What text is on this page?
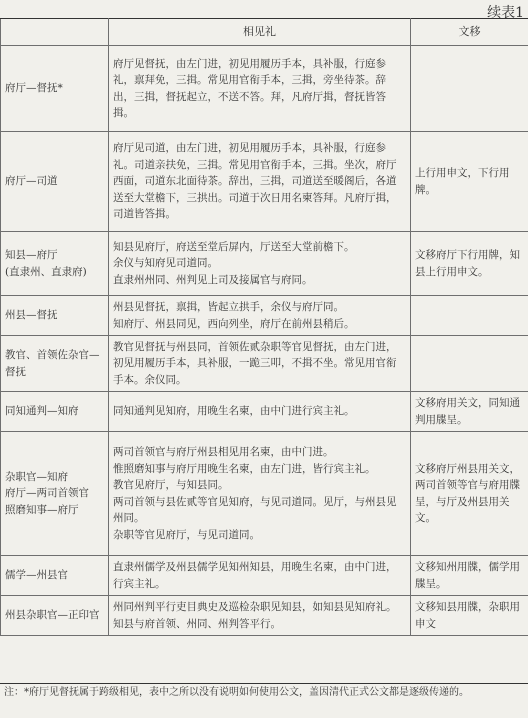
续表1
	相见礼	文移

府厅—督抚*	府厅见督抚，由左门进，初见用履历手本，具补服，行庭参礼，禀拜免，三揖。常见用官衔手本，三揖，旁坐待茶。辞出，三揖，督抚起立，不送不答。拜，凡府厅揖，督抚皆答揖。	

府厅—司道	府厅见司道，由左门进，初见用履历手本，具补服，行庭参礼。司道亲扶免，三揖。常见用官衔手本，三揖。坐次，府厅西面，司道东北面待茶。辞出，三揖，司道送至暖阁后，各道送至大堂檐下，三拱出。司道于次日用名柬答拜。凡府厅揖，司道皆答揖。	上行用申文，下行用牌。

知县—府厅
(直隶州、直隶府)	知县见府厅，府送至堂后屏内，厅送至大堂前檐下。
余仪与知府见司道同。
直隶州州同、州判见上司及接属官与府同。	文移府厅下行用牌，知县上行用申文。

州县—督抚	州县见督抚，禀揖，皆起立拱手，余仪与府厅同。
知府厅、州县同见，西向列坐，府厅在前州县稍后。	

教官、首领佐杂官—督抚	教官见督抚与州县同，首领佐贰杂职等官见督抚，由左门进，初见用履历手本，具补服，一跪三叩，不揖不坐。常见用官衔手本。余仪同。	

同知通判—知府	同知通判见知府，用晚生名柬，由中门进行宾主礼。	文移府用关文，同知通判用牒呈。

杂职官—知府
府厅—两司首领官
照磨知事—府厅	两司首领官与府厅州县相见用名柬，由中门进。
惟照磨知事与府厅用晚生名柬，由左门进，皆行宾主礼。
教官见府厅，与知县同。
两司首领与县佐贰等官见知府，与见司道同。见厅，与州县见州同。
杂职等官见府厅，与见司道同。	文移府厅州县用关文，两司首领等官与府用牒呈，与厅及州县用关文。

儒学—州县官	直隶州儒学及州县儒学见知州知县，用晚生名柬，由中门进，行宾主礼。	文移知州用牒，儒学用牒呈。

州县杂职官—正印官	州同州判平行吏目典史及巡检杂职见知县，如知县见知府礼。知县与府首领、州同、州判答平行。	文移知县用牒，杂职用申文
注：*府厅见督抚属于跨级相见，表中之所以没有说明如何使用公文，盖因清代正式公文都是逐级传递的。
